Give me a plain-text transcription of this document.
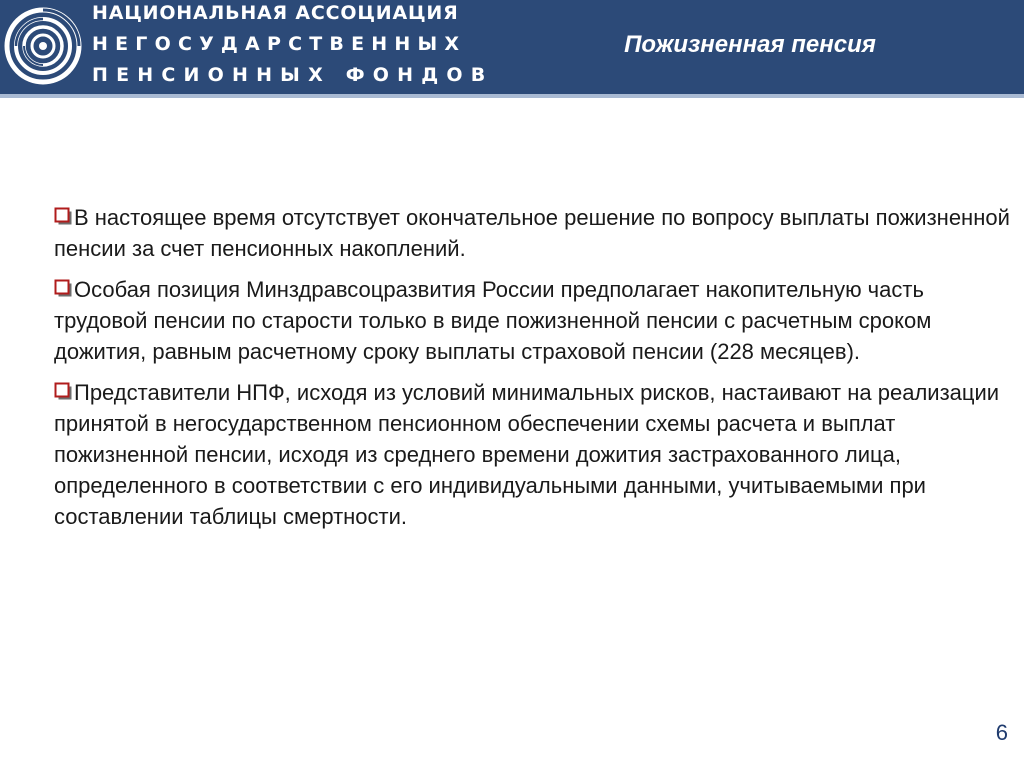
НАЦИОНАЛЬНАЯ АССОЦИАЦИЯ
НЕГОСУДАРСТВЕННЫХ
ПЕНСИОННЫХ ФОНДОВ
Пожизненная пенсия

В настоящее время отсутствует окончательное решение по вопросу выплаты пожизненной пенсии за счет пенсионных накоплений.

Особая позиция Минздравсоцразвития России предполагает накопительную часть трудовой пенсии по старости только в виде пожизненной пенсии с расчетным сроком дожития, равным расчетному сроку выплаты страховой пенсии (228 месяцев).

Представители НПФ, исходя из условий минимальных рисков, настаивают на реализации принятой в негосударственном пенсионном обеспечении схемы расчета и выплат пожизненной пенсии, исходя из среднего времени дожития застрахованного лица, определенного в соответствии с его индивидуальными данными, учитываемыми при составлении таблицы смертности.

6
